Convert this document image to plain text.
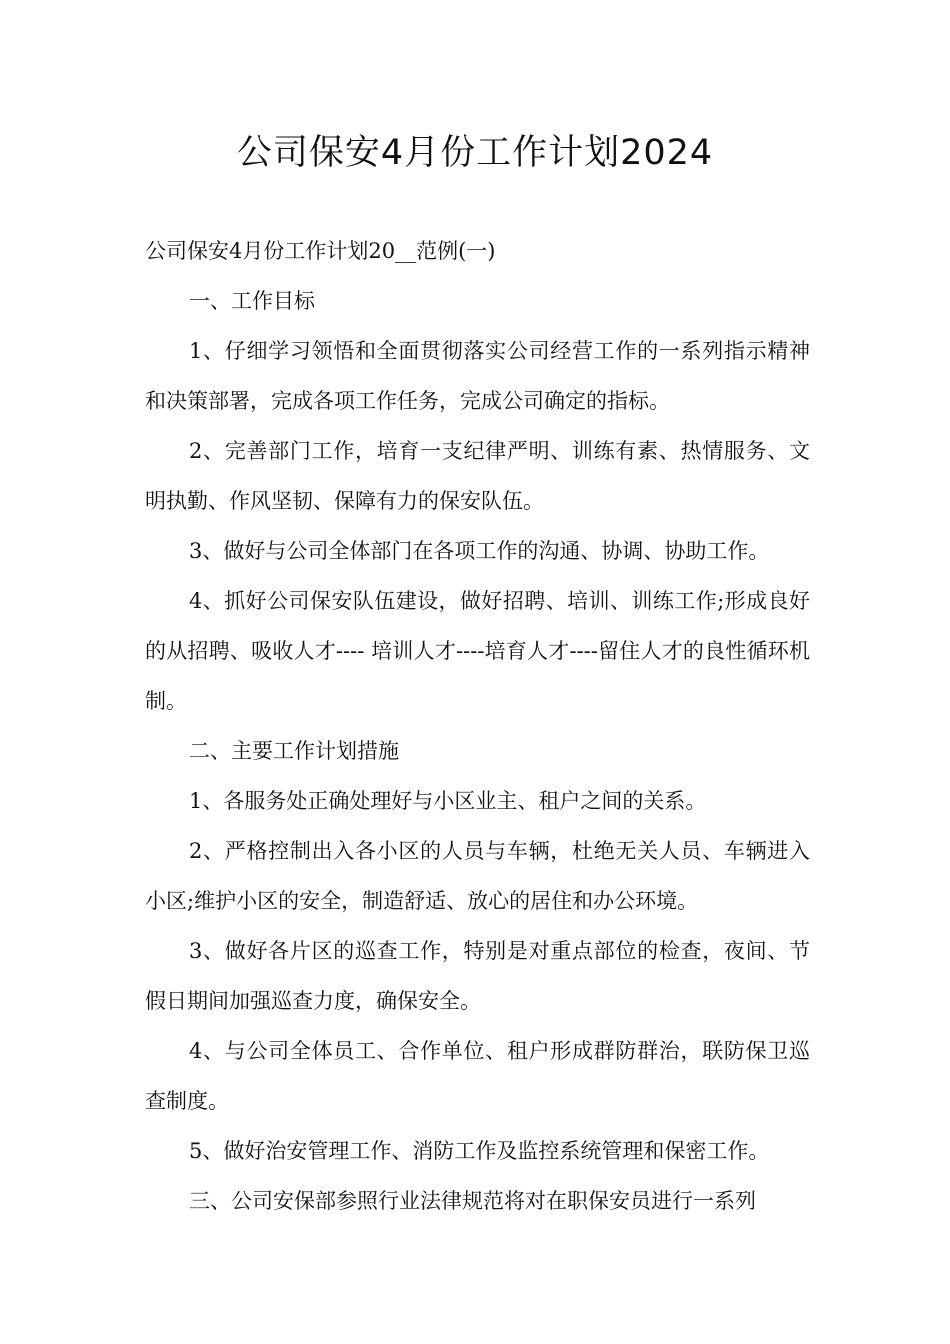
公司保安4月份工作计划2024

公司保安4月份工作计划20__范例(一)

一、工作目标

1、仔细学习领悟和全面贯彻落实公司经营工作的一系列指示精神和决策部署，完成各项工作任务，完成公司确定的指标。

2、完善部门工作，培育一支纪律严明、训练有素、热情服务、文明执勤、作风坚韧、保障有力的保安队伍。

3、做好与公司全体部门在各项工作的沟通、协调、协助工作。

4、抓好公司保安队伍建设，做好招聘、培训、训练工作;形成良好的从招聘、吸收人才---- 培训人才----培育人才----留住人才的良性循环机制。

二、主要工作计划措施

1、各服务处正确处理好与小区业主、租户之间的关系。

2、严格控制出入各小区的人员与车辆，杜绝无关人员、车辆进入小区;维护小区的安全，制造舒适、放心的居住和办公环境。

3、做好各片区的巡查工作，特别是对重点部位的检查，夜间、节假日期间加强巡查力度，确保安全。

4、与公司全体员工、合作单位、租户形成群防群治，联防保卫巡查制度。

5、做好治安管理工作、消防工作及监控系统管理和保密工作。

三、公司安保部参照行业法律规范将对在职保安员进行一系列
